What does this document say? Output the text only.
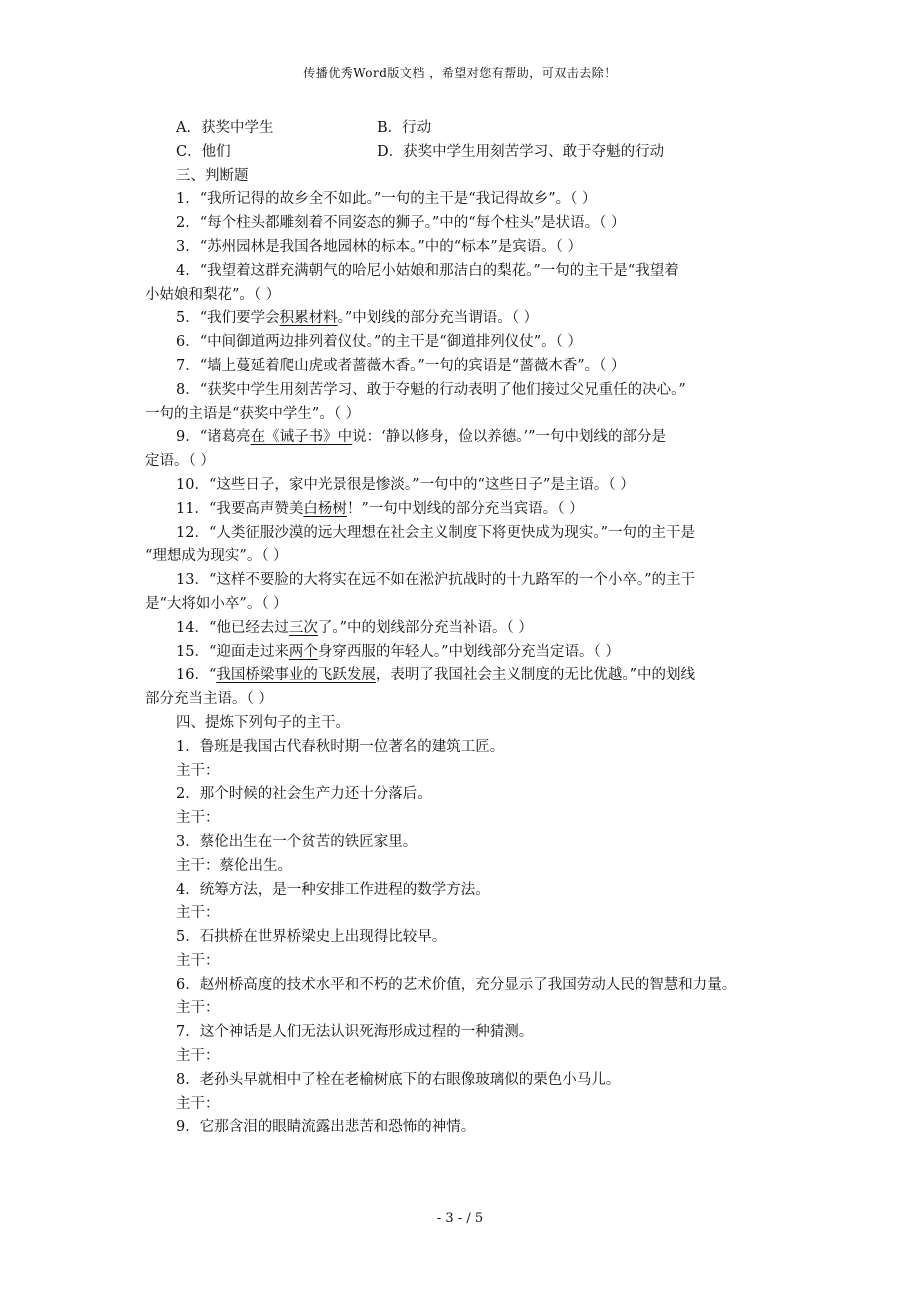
传播优秀Word版文档 ，希望对您有帮助，可双击去除！
A．获奖中学生	B．行动
C．他们	D．获奖中学生用刻苦学习、敢于夺魁的行动
三、判断题
1．“我所记得的故乡全不如此。”一句的主干是“我记得故乡”。（ ）
2．“每个柱头都雕刻着不同姿态的狮子。”中的“每个柱头”是状语。（ ）
3．“苏州园林是我国各地园林的标本。”中的“标本”是宾语。（ ）
4．“我望着这群充满朝气的哈尼小姑娘和那洁白的梨花。”一句的主干是“我望着
小姑娘和梨花”。（ ）
5．“我们要学会积累材料。”中划线的部分充当谓语。（ ）
6．“中间御道两边排列着仪仗。”的主干是“御道排列仪仗”。（ ）
7．“墙上蔓延着爬山虎或者蔷薇木香。”一句的宾语是“蔷薇木香”。（ ）
8．“获奖中学生用刻苦学习、敢于夺魁的行动表明了他们接过父兄重任的决心。”
一句的主语是“获奖中学生”。（ ）
9．“诸葛亮在《诫子书》中说：‘静以修身，俭以养德。’”一句中划线的部分是
定语。（ ）
10．“这些日子，家中光景很是惨淡。”一句中的“这些日子”是主语。（ ）
11．“我要高声赞美白杨树！”一句中划线的部分充当宾语。（ ）
12．“人类征服沙漠的远大理想在社会主义制度下将更快成为现实。”一句的主干是
“理想成为现实”。（ ）
13．“这样不要脸的大将实在远不如在淞沪抗战时的十九路军的一个小卒。”的主干
是“大将如小卒”。（ ）
14．“他已经去过三次了。”中的划线部分充当补语。（ ）
15．“迎面走过来两个身穿西服的年轻人。”中划线部分充当定语。（ ）
16．“我国桥梁事业的飞跃发展，表明了我国社会主义制度的无比优越。”中的划线
部分充当主语。（ ）
四、提炼下列句子的主干。
1．鲁班是我国古代春秋时期一位著名的建筑工匠。
主干：
2．那个时候的社会生产力还十分落后。
主干：
3．蔡伦出生在一个贫苦的铁匠家里。
主干：蔡伦出生。
4．统筹方法，是一种安排工作进程的数学方法。
主干：
5．石拱桥在世界桥梁史上出现得比较早。
主干：
6．赵州桥高度的技术水平和不朽的艺术价值，充分显示了我国劳动人民的智慧和力量。
主干：
7．这个神话是人们无法认识死海形成过程的一种猜测。
主干：
8．老孙头早就相中了栓在老榆树底下的右眼像玻璃似的栗色小马儿。
主干：
9．它那含泪的眼睛流露出悲苦和恐怖的神情。
- 3 - / 5
